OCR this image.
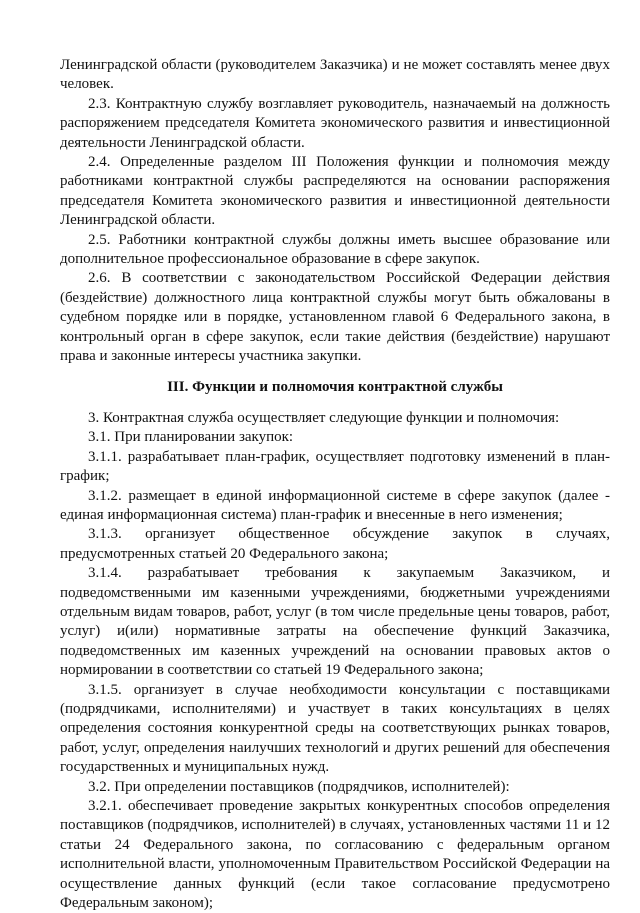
Ленинградской области (руководителем Заказчика) и не может составлять менее двух человек.

2.3. Контрактную службу возглавляет руководитель, назначаемый на должность распоряжением председателя Комитета экономического развития и инвестиционной деятельности Ленинградской области.

2.4. Определенные разделом III Положения функции и полномочия между работниками контрактной службы распределяются на основании распоряжения председателя Комитета экономического развития и инвестиционной деятельности Ленинградской области.

2.5. Работники контрактной службы должны иметь высшее образование или дополнительное профессиональное образование в сфере закупок.

2.6. В соответствии с законодательством Российской Федерации действия (бездействие) должностного лица контрактной службы могут быть обжалованы в судебном порядке или в порядке, установленном главой 6 Федерального закона, в контрольный орган в сфере закупок, если такие действия (бездействие) нарушают права и законные интересы участника закупки.

III. Функции и полномочия контрактной службы

3. Контрактная служба осуществляет следующие функции и полномочия:

3.1. При планировании закупок:

3.1.1. разрабатывает план-график, осуществляет подготовку изменений в план-график;

3.1.2. размещает в единой информационной системе в сфере закупок (далее - единая информационная система) план-график и внесенные в него изменения;

3.1.3. организует общественное обсуждение закупок в случаях, предусмотренных статьей 20 Федерального закона;

3.1.4. разрабатывает требования к закупаемым Заказчиком, и подведомственными им казенными учреждениями, бюджетными учреждениями отдельным видам товаров, работ, услуг (в том числе предельные цены товаров, работ, услуг) и(или) нормативные затраты на обеспечение функций Заказчика, подведомственных им казенных учреждений на основании правовых актов о нормировании в соответствии со статьей 19 Федерального закона;

3.1.5. организует в случае необходимости консультации с поставщиками (подрядчиками, исполнителями) и участвует в таких консультациях в целях определения состояния конкурентной среды на соответствующих рынках товаров, работ, услуг, определения наилучших технологий и других решений для обеспечения государственных и муниципальных нужд.

3.2. При определении поставщиков (подрядчиков, исполнителей):

3.2.1. обеспечивает проведение закрытых конкурентных способов определения поставщиков (подрядчиков, исполнителей) в случаях, установленных частями 11 и 12 статьи 24 Федерального закона, по согласованию с федеральным органом исполнительной власти, уполномоченным Правительством Российской Федерации на осуществление данных функций (если такое согласование предусмотрено Федеральным законом);
